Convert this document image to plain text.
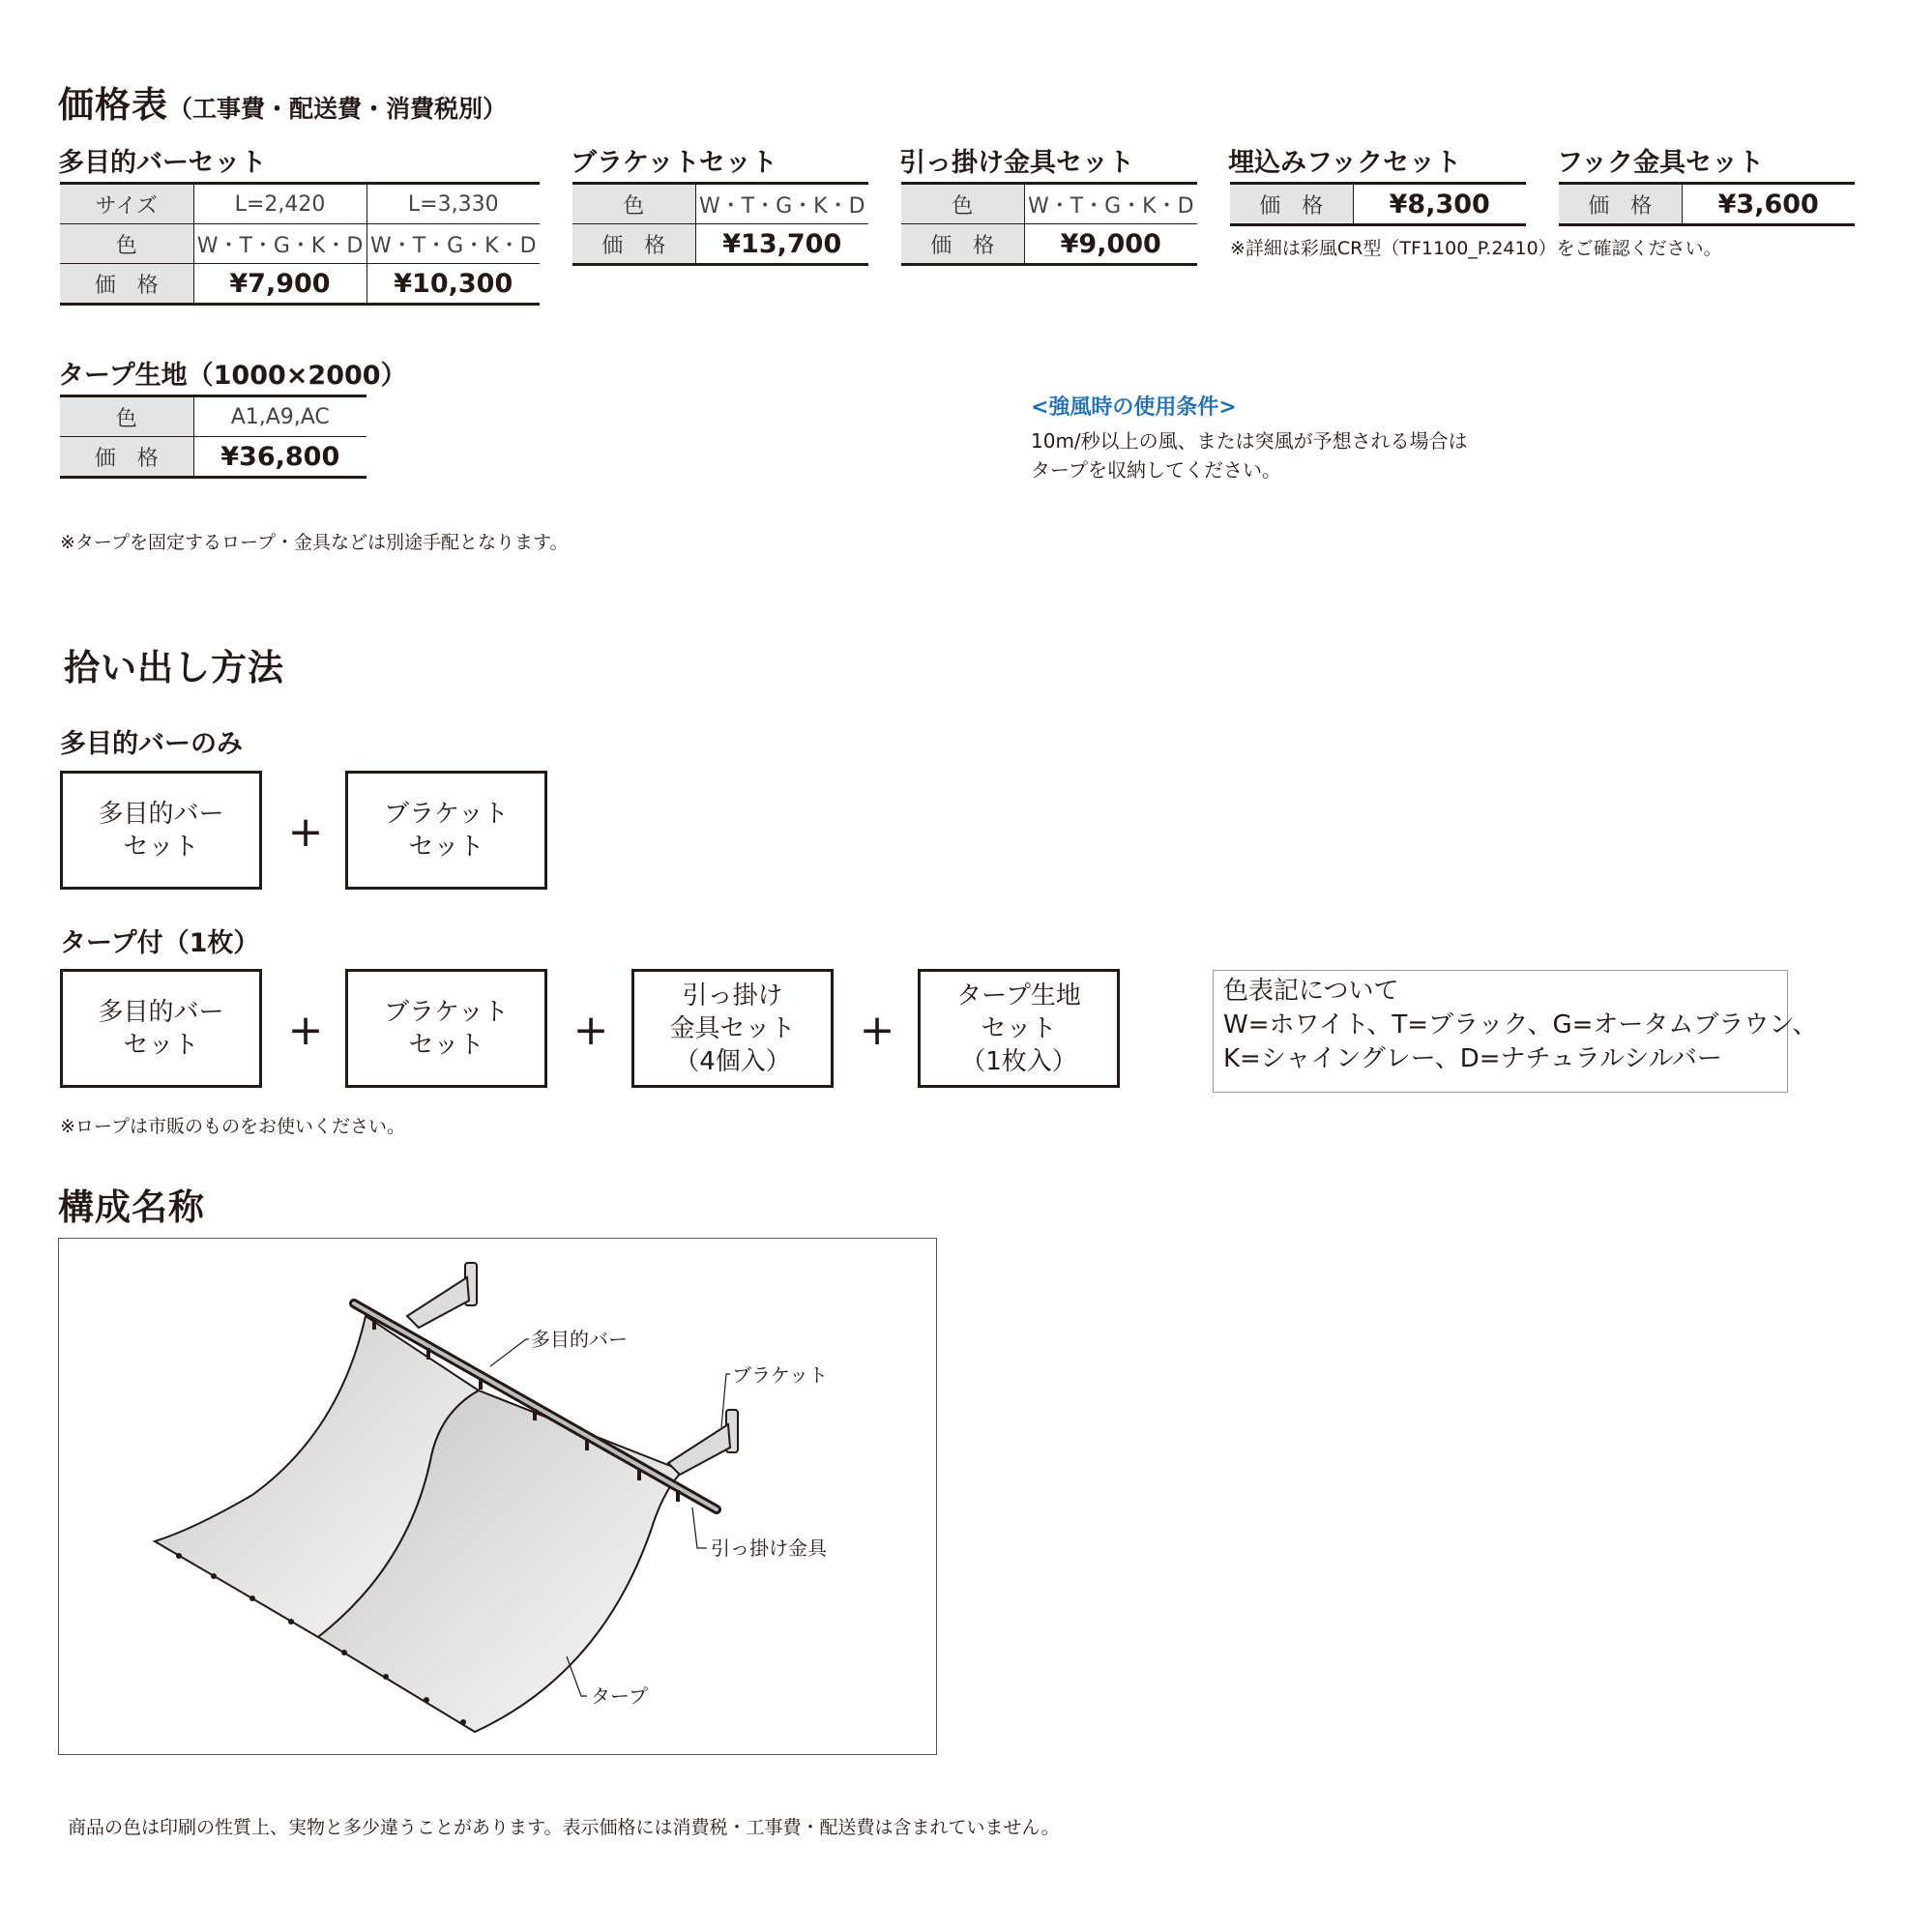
価格表（工事費・配送費・消費税別）
多目的バーセット
サイズ	L=2,420	L=3,330
色	W・T・G・K・D	W・T・G・K・D
価　格	¥7,900	¥10,300
ブラケットセット
色	W・T・G・K・D
価　格	¥13,700
引っ掛け金具セット
色	W・T・G・K・D
価　格	¥9,000
埋込みフックセット
価　格	¥8,300
フック金具セット
価　格	¥3,600
※詳細は彩風CR型（TF1100_P.2410）をご確認ください。
タープ生地（1000×2000）
色	A1,A9,AC
価　格	¥36,800
※タープを固定するロープ・金具などは別途手配となります。
<強風時の使用条件>
10m/秒以上の風、または突風が予想される場合は
タープを収納してください。
拾い出し方法
多目的バーのみ
多目的バー
セット + ブラケット
セット
タープ付（1枚）
多目的バー
セット + ブラケット
セット +
引っ掛け
金具セット
（4個入）
+
タープ生地
セット
（1枚入）
色表記について
W=ホワイト、T=ブラック、G=オータムブラウン、
K=シャイングレー、D=ナチュラルシルバー
※ロープは市販のものをお使いください。
構成名称
多目的バー
ブラケット
引っ掛け金具
タープ
商品の色は印刷の性質上、実物と多少違うことがあります。表示価格には消費税・工事費・配送費は含まれていません。
